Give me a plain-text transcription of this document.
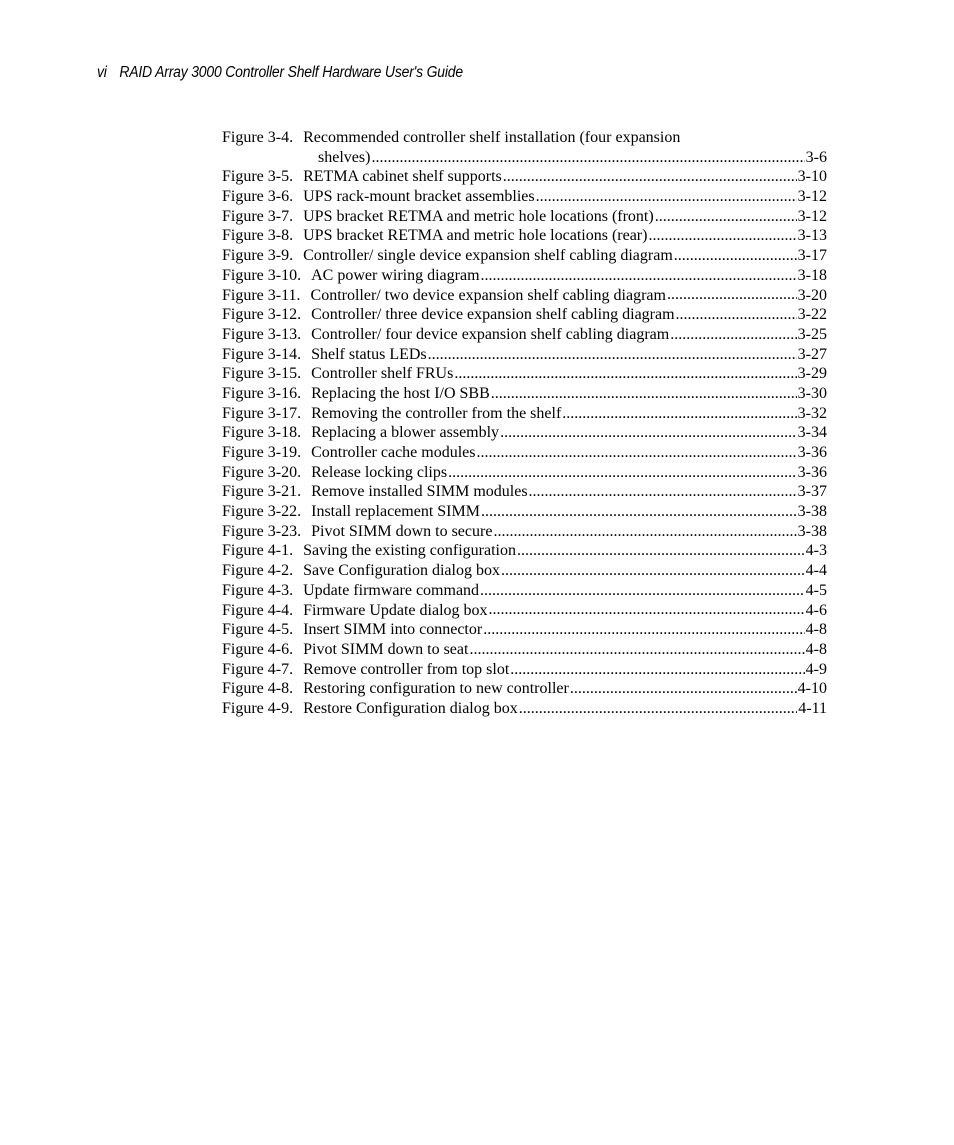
vi RAID Array 3000 Controller Shelf Hardware User's Guide
Figure 3-4. Recommended controller shelf installation (four expansion
shelves) .....	3-6
Figure 3-5. RETMA cabinet shelf supports .....	3-10
Figure 3-6. UPS rack-mount bracket assemblies .....	3-12
Figure 3-7. UPS bracket RETMA and metric hole locations (front) .....	3-12
Figure 3-8. UPS bracket RETMA and metric hole locations (rear) .....	3-13
Figure 3-9. Controller/ single device expansion shelf cabling diagram .....	3-17
Figure 3-10. AC power wiring diagram .....	3-18
Figure 3-11. Controller/ two device expansion shelf cabling diagram .....	3-20
Figure 3-12. Controller/ three device expansion shelf cabling diagram .....	3-22
Figure 3-13. Controller/ four device expansion shelf cabling diagram .....	3-25
Figure 3-14. Shelf status LEDs .....	3-27
Figure 3-15. Controller shelf FRUs .....	3-29
Figure 3-16. Replacing the host I/O SBB .....	3-30
Figure 3-17. Removing the controller from the shelf .....	3-32
Figure 3-18. Replacing a blower assembly .....	3-34
Figure 3-19. Controller cache modules .....	3-36
Figure 3-20. Release locking clips .....	3-36
Figure 3-21. Remove installed SIMM modules .....	3-37
Figure 3-22. Install replacement SIMM .....	3-38
Figure 3-23. Pivot SIMM down to secure .....	3-38
Figure 4-1. Saving the existing configuration .....	4-3
Figure 4-2. Save Configuration dialog box .....	4-4
Figure 4-3. Update firmware command .....	4-5
Figure 4-4. Firmware Update dialog box .....	4-6
Figure 4-5. Insert SIMM into connector .....	4-8
Figure 4-6. Pivot SIMM down to seat .....	4-8
Figure 4-7. Remove controller from top slot .....	4-9
Figure 4-8. Restoring configuration to new controller .....	4-10
Figure 4-9. Restore Configuration dialog box .....	4-11
